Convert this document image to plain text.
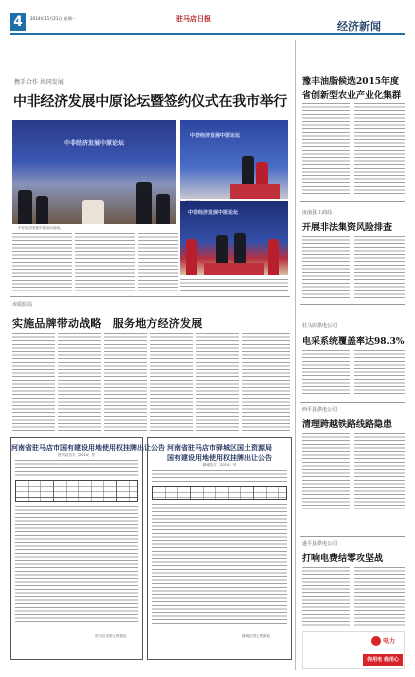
4	2014年11月21日 星期一	驻马店日报
经济新闻
携手合作 共同发展
中非经济发展中原论坛暨签约仪式在我市举行
中非经济发展中原论坛
中非经济发展中原论坛现场。
中非经济发展中原论坛
中非经济发展中原论坛
豫丰油脂候选2015年度
省创新型农业产业化集群
汝南县工商局
开展非法集资风险排查
驻马店供电公司
电采系统覆盖率达98.3%
西平县供电公司
清理跨越铁路线路隐患
遂平县供电公司
打响电费结零攻坚战
电力
你用电 我用心
市质监局
实施品牌带动战略　服务地方经济发展
河南省驻马店市国有建设用地使用权挂牌出让公告
驻马店告字〔2014〕号
驻马店市国土资源局
河南省驻马店市驿城区国土资源局
国有建设用地使用权挂牌出让公告
驿城告字〔2014〕号
驿城区国土资源局
